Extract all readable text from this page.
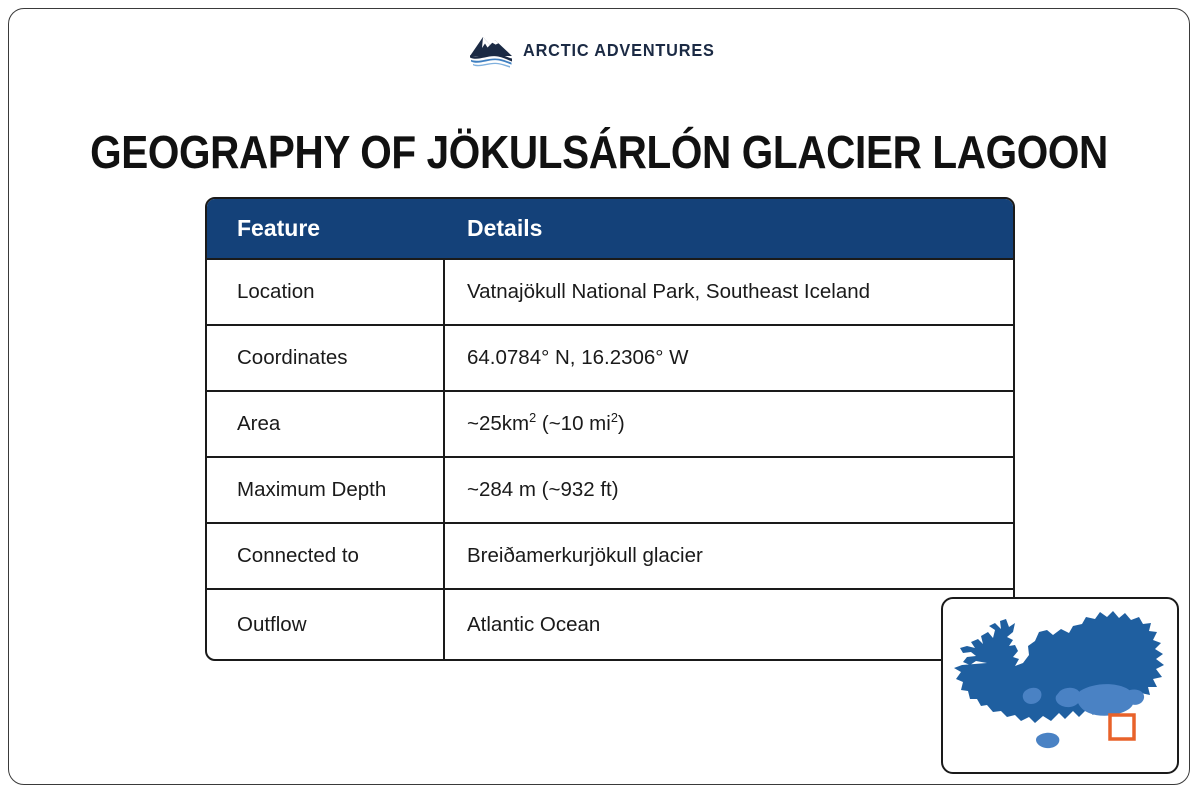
ARCTIC ADVENTURES
GEOGRAPHY OF JÖKULSÁRLÓN GLACIER LAGOON
Feature	Details
Location	Vatnajökull National Park, Southeast Iceland
Coordinates	64.0784° N, 16.2306° W
Area	$\sim 25km^2$ (~10 $mi^2$)
Maximum Depth	~284 m (~932 ft)
Connected to	Breiðamerkurjökull glacier
Outflow	Atlantic Ocean
